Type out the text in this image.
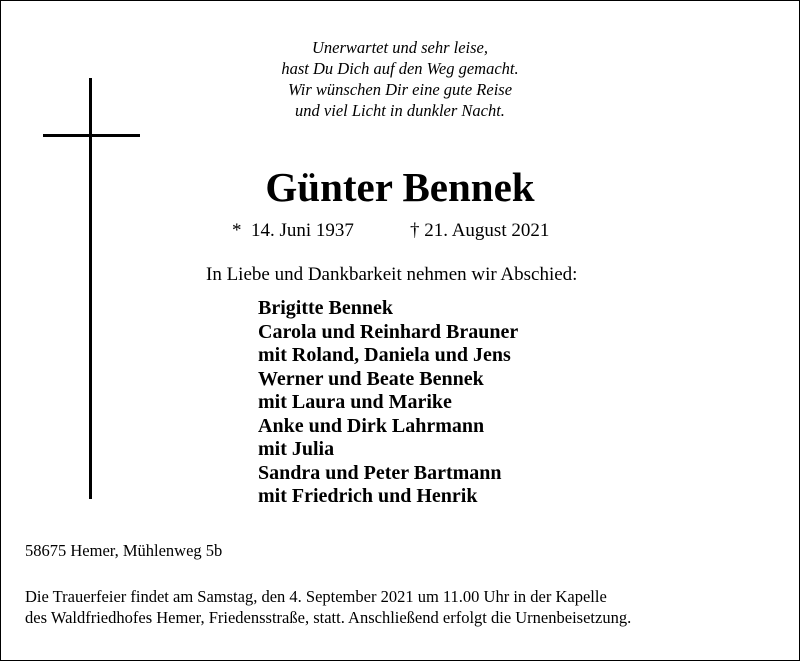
Unerwartet und sehr leise,
hast Du Dich auf den Weg gemacht.
Wir wünschen Dir eine gute Reise
und viel Licht in dunkler Nacht.
Günter Bennek
*  14. Juni 1937	† 21. August 2021
In Liebe und Dankbarkeit nehmen wir Abschied:
Brigitte Bennek
Carola und Reinhard Brauner
mit Roland, Daniela und Jens
Werner und Beate Bennek
mit Laura und Marike
Anke und Dirk Lahrmann
mit Julia
Sandra und Peter Bartmann
mit Friedrich und Henrik
58675 Hemer, Mühlenweg 5b
Die Trauerfeier findet am Samstag, den 4. September 2021 um 11.00 Uhr in der Kapelle
des Waldfriedhofes Hemer, Friedensstraße, statt. Anschließend erfolgt die Urnenbeisetzung.
